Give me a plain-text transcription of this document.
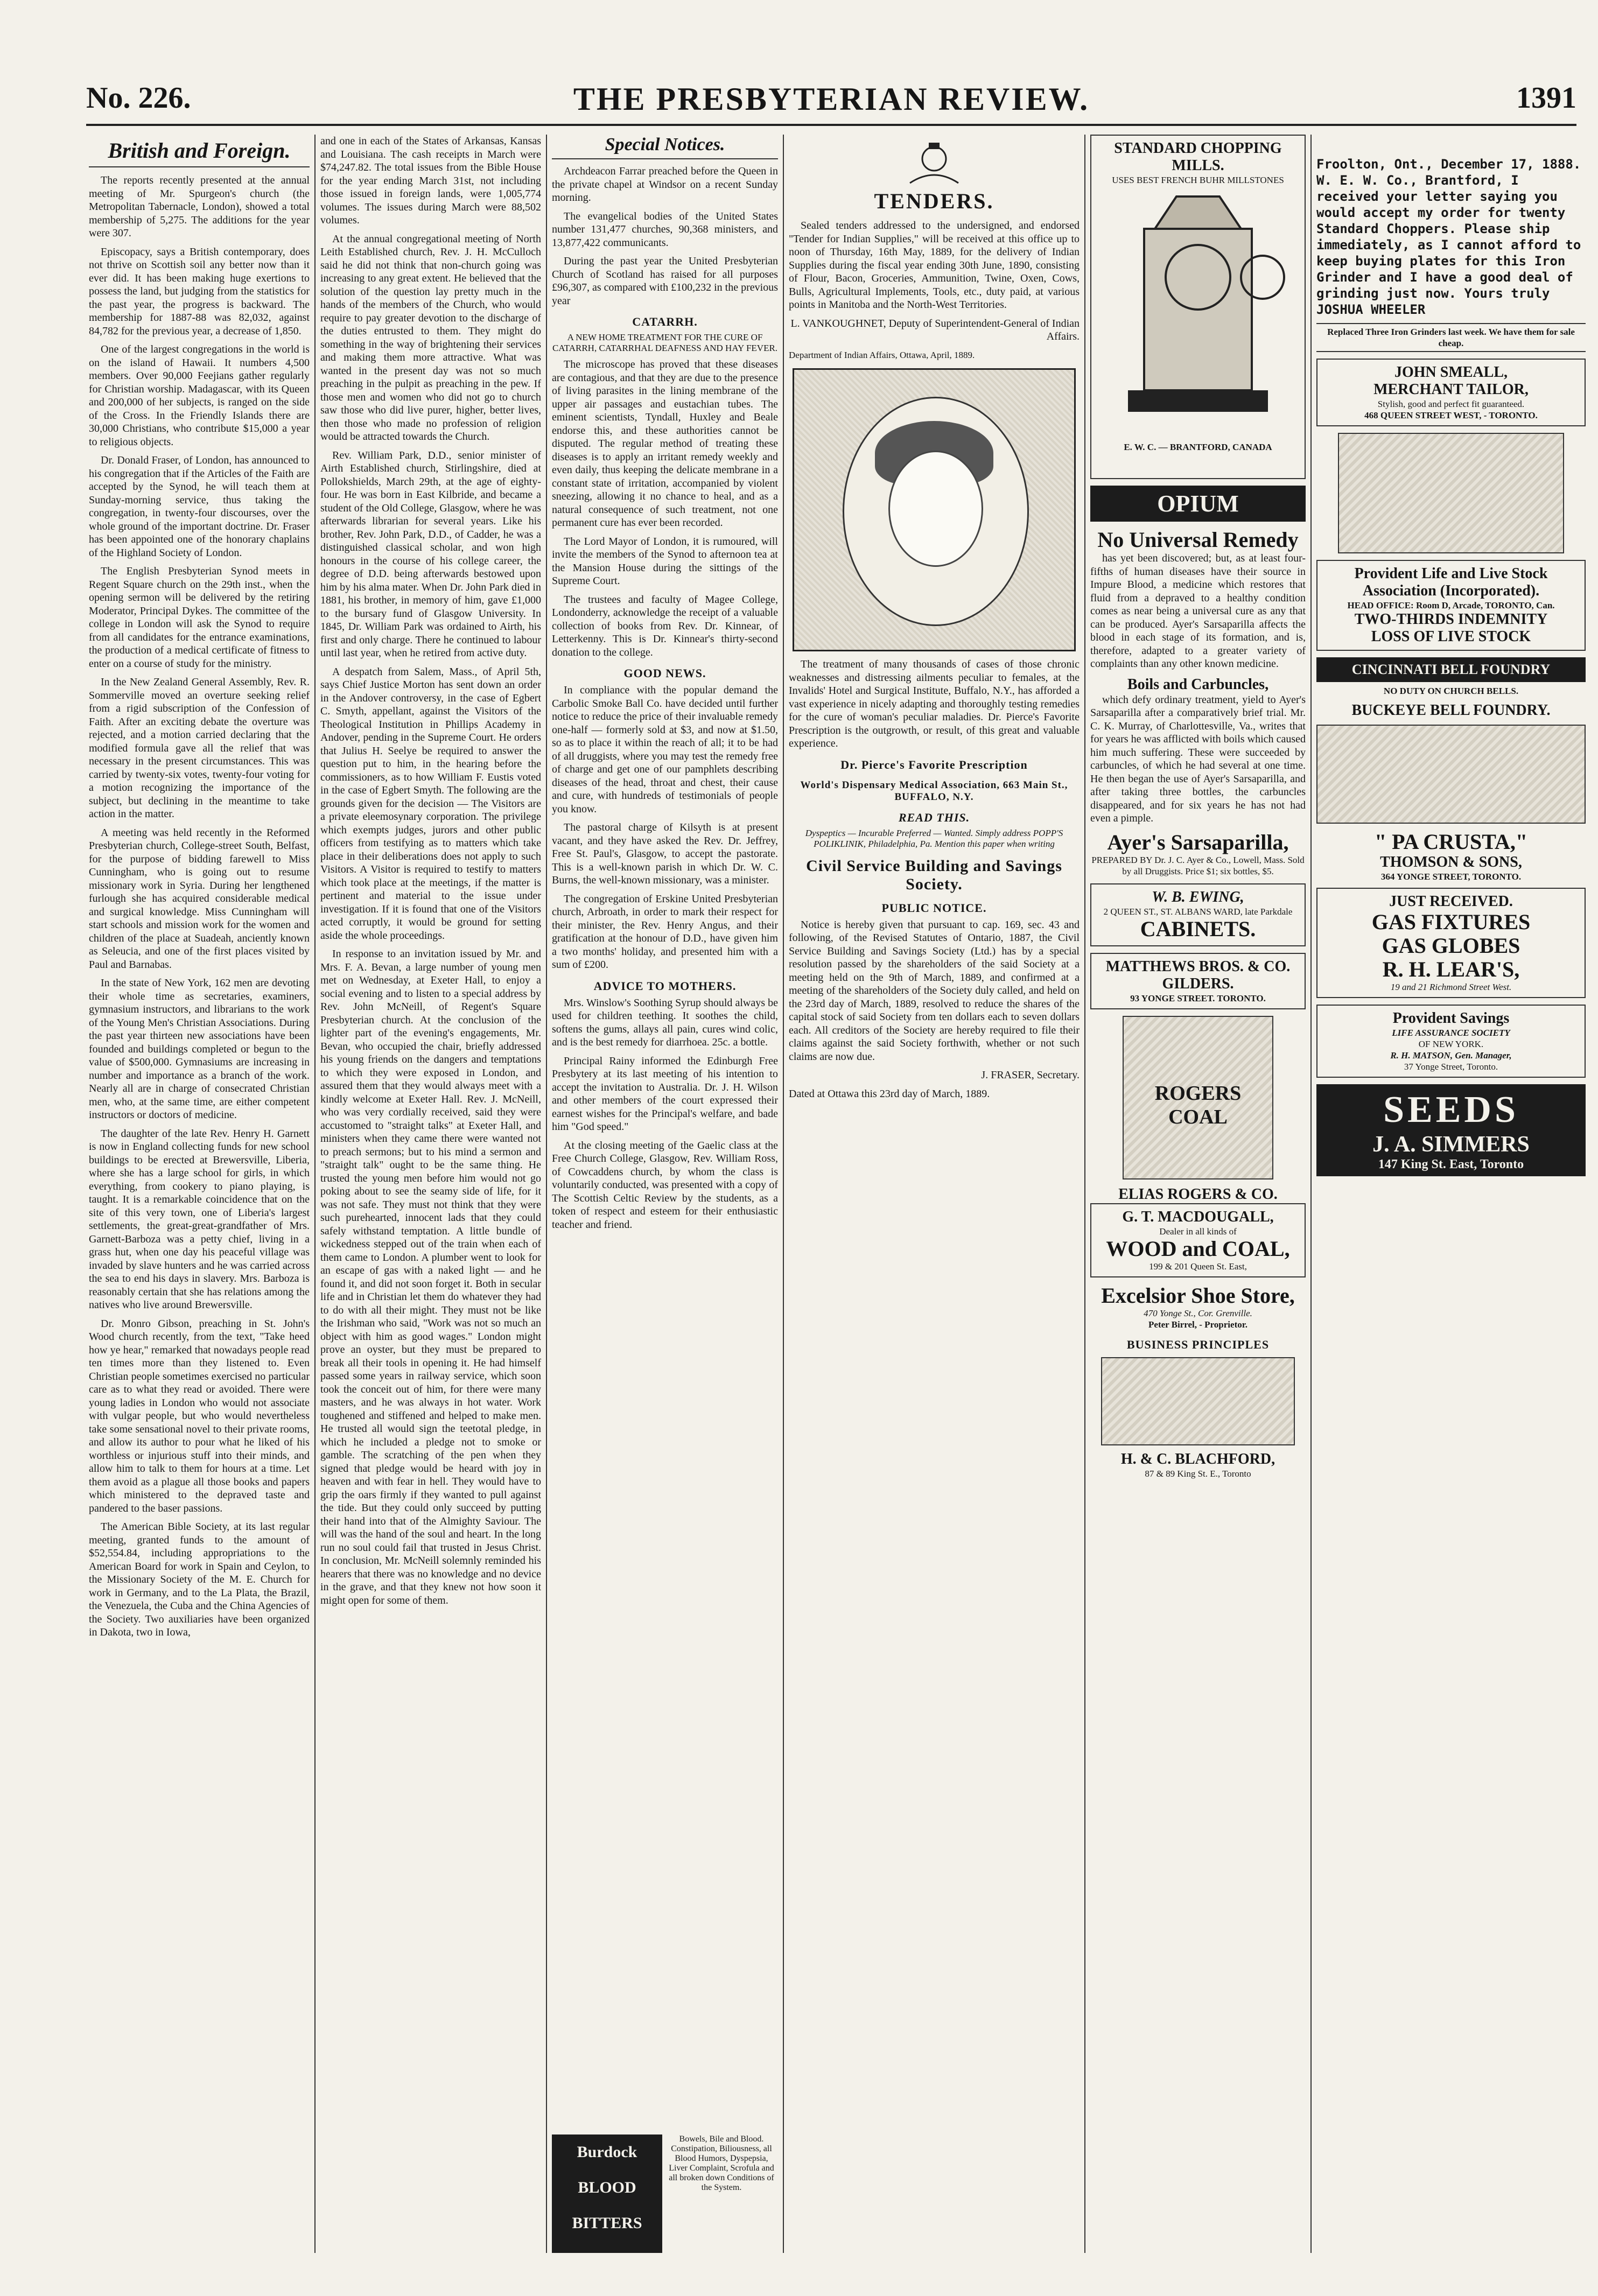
No. 226.	THE PRESBYTERIAN REVIEW.	1391
British and Foreign.

The reports recently presented at the annual meeting of Mr. Spurgeon's church (the Metropolitan Tabernacle, London), showed a total membership of 5,275. The additions for the year were 307.

Episcopacy, says a British contemporary, does not thrive on Scottish soil any better now than it ever did. It has been making huge exertions to possess the land, but judging from the statistics for the past year, the progress is backward. The membership for 1887-88 was 82,032, against 84,782 for the previous year, a decrease of 1,850.

One of the largest congregations in the world is on the island of Hawaii. It numbers 4,500 members. Over 90,000 Feejians gather regularly for Christian worship. Madagascar, with its Queen and 200,000 of her subjects, is ranged on the side of the Cross. In the Friendly Islands there are 30,000 Christians, who contribute $15,000 a year to religious objects.

Dr. Donald Fraser, of London, has announced to his congregation that if the Articles of the Faith are accepted by the Synod, he will teach them at Sunday-morning service, thus taking the congregation, in twenty-four discourses, over the whole ground of the important doctrine. Dr. Fraser has been appointed one of the honorary chaplains of the Highland Society of London.

The English Presbyterian Synod meets in Regent Square church on the 29th inst., when the opening sermon will be delivered by the retiring Moderator, Principal Dykes. The committee of the college in London will ask the Synod to require from all candidates for the entrance examinations, the production of a medical certificate of fitness to enter on a course of study for the ministry.

In the New Zealand General Assembly, Rev. R. Sommerville moved an overture seeking relief from a rigid subscription of the Confession of Faith. After an exciting debate the overture was rejected, and a motion carried declaring that the modified formula gave all the relief that was necessary in the present circumstances. This was carried by twenty-six votes, twenty-four voting for a motion recognizing the importance of the subject, but declining in the meantime to take action in the matter.

A meeting was held recently in the Reformed Presbyterian church, College-street South, Belfast, for the purpose of bidding farewell to Miss Cunningham, who is going out to resume missionary work in Syria. During her lengthened furlough she has acquired considerable medical and surgical knowledge. Miss Cunningham will start schools and mission work for the women and children of the place at Suadeah, anciently known as Seleucia, and one of the first places visited by Paul and Barnabas.

In the state of New York, 162 men are devoting their whole time as secretaries, examiners, gymnasium instructors, and librarians to the work of the Young Men's Christian Associations. During the past year thirteen new associations have been founded and buildings completed or begun to the value of $500,000. Gymnasiums are increasing in number and importance as a branch of the work. Nearly all are in charge of consecrated Christian men, who, at the same time, are either competent instructors or doctors of medicine.

The daughter of the late Rev. Henry H. Garnett is now in England collecting funds for new school buildings to be erected at Brewersville, Liberia, where she has a large school for girls, in which everything, from cookery to piano playing, is taught. It is a remarkable coincidence that on the site of this very town, one of Liberia's largest settlements, the great-great-grandfather of Mrs. Garnett-Barboza was a petty chief, living in a grass hut, when one day his peaceful village was invaded by slave hunters and he was carried across the sea to end his days in slavery. Mrs. Barboza is reasonably certain that she has relations among the natives who live around Brewersville.

Dr. Monro Gibson, preaching in St. John's Wood church recently, from the text, "Take heed how ye hear," remarked that nowadays people read ten times more than they listened to. Even Christian people sometimes exercised no particular care as to what they read or avoided. There were young ladies in London who would not associate with vulgar people, but who would nevertheless take some sensational novel to their private rooms, and allow its author to pour what he liked of his worthless or injurious stuff into their minds, and allow him to talk to them for hours at a time. Let them avoid as a plague all those books and papers which ministered to the depraved taste and pandered to the baser passions.

The American Bible Society, at its last regular meeting, granted funds to the amount of $52,554.84, including appropriations to the American Board for work in Spain and Ceylon, to the Missionary Society of the M. E. Church for work in Germany, and to the La Plata, the Brazil, the Venezuela, the Cuba and the China Agencies of the Society. Two auxiliaries have been organized in Dakota, two in Iowa,

and one in each of the States of Arkansas, Kansas and Louisiana. The cash receipts in March were $74,247.82. The total issues from the Bible House for the year ending March 31st, not including those issued in foreign lands, were 1,005,774 volumes. The issues during March were 88,502 volumes.

At the annual congregational meeting of North Leith Established church, Rev. J. H. McCulloch said he did not think that non-church going was increasing to any great extent. He believed that the solution of the question lay pretty much in the hands of the members of the Church, who would require to pay greater devotion to the discharge of the duties entrusted to them. They might do something in the way of brightening their services and making them more attractive. What was wanted in the present day was not so much preaching in the pulpit as preaching in the pew. If those men and women who did not go to church saw those who did live purer, higher, better lives, then those who made no profession of religion would be attracted towards the Church.

Rev. William Park, D.D., senior minister of Airth Established church, Stirlingshire, died at Pollokshields, March 29th, at the age of eighty-four. He was born in East Kilbride, and became a student of the Old College, Glasgow, where he was afterwards librarian for several years. Like his brother, Rev. John Park, D.D., of Cadder, he was a distinguished classical scholar, and won high honours in the course of his college career, the degree of D.D. being afterwards bestowed upon him by his alma mater. When Dr. John Park died in 1881, his brother, in memory of him, gave £1,000 to the bursary fund of Glasgow University. In 1845, Dr. William Park was ordained to Airth, his first and only charge. There he continued to labour until last year, when he retired from active duty.

A despatch from Salem, Mass., of April 5th, says Chief Justice Morton has sent down an order in the Andover controversy, in the case of Egbert C. Smyth, appellant, against the Visitors of the Theological Institution in Phillips Academy in Andover, pending in the Supreme Court. He orders that Julius H. Seelye be required to answer the question put to him, in the hearing before the commissioners, as to how William F. Eustis voted in the case of Egbert Smyth. The following are the grounds given for the decision — The Visitors are a private eleemosynary corporation. The privilege which exempts judges, jurors and other public officers from testifying as to matters which take place in their deliberations does not apply to such Visitors. A Visitor is required to testify to matters which took place at the meetings, if the matter is pertinent and material to the issue under investigation. If it is found that one of the Visitors acted corruptly, it would be ground for setting aside the whole proceedings.

In response to an invitation issued by Mr. and Mrs. F. A. Bevan, a large number of young men met on Wednesday, at Exeter Hall, to enjoy a social evening and to listen to a special address by Rev. John McNeill, of Regent's Square Presbyterian church. At the conclusion of the lighter part of the evening's engagements, Mr. Bevan, who occupied the chair, briefly addressed his young friends on the dangers and temptations to which they were exposed in London, and assured them that they would always meet with a kindly welcome at Exeter Hall. Rev. J. McNeill, who was very cordially received, said they were accustomed to "straight talks" at Exeter Hall, and ministers when they came there were wanted not to preach sermons; but to his mind a sermon and "straight talk" ought to be the same thing. He trusted the young men before him would not go poking about to see the seamy side of life, for it was not safe. They must not think that they were such purehearted, innocent lads that they could safely withstand temptation. A little bundle of wickedness stepped out of the train when each of them came to London. A plumber went to look for an escape of gas with a naked light — and he found it, and did not soon forget it. Both in secular life and in Christian let them do whatever they had to do with all their might. They must not be like the Irishman who said, "Work was not so much an object with him as good wages." London might prove an oyster, but they must be prepared to break all their tools in opening it. He had himself passed some years in railway service, which soon took the conceit out of him, for there were many masters, and he was always in hot water. Work toughened and stiffened and helped to make men. He trusted all would sign the teetotal pledge, in which he included a pledge not to smoke or gamble. The scratching of the pen when they signed that pledge would be heard with joy in heaven and with fear in hell. They would have to grip the oars firmly if they wanted to pull against the tide. But they could only succeed by putting their hand into that of the Almighty Saviour. The will was the hand of the soul and heart. In the long run no soul could fail that trusted in Jesus Christ. In conclusion, Mr. McNeill solemnly reminded his hearers that there was no knowledge and no device in the grave, and that they knew not how soon it might open for some of them.

Special Notices.

Archdeacon Farrar preached before the Queen in the private chapel at Windsor on a recent Sunday morning.

The evangelical bodies of the United States number 131,477 churches, 90,368 ministers, and 13,877,422 communicants.

During the past year the United Presbyterian Church of Scotland has raised for all purposes £96,307, as compared with £100,232 in the previous year

CATARRH.
A NEW HOME TREATMENT FOR THE CURE OF CATARRH, CATARRHAL DEAFNESS AND HAY FEVER.

The microscope has proved that these diseases are contagious, and that they are due to the presence of living parasites in the lining membrane of the upper air passages and eustachian tubes. The eminent scientists, Tyndall, Huxley and Beale endorse this, and these authorities cannot be disputed. The regular method of treating these diseases is to apply an irritant remedy weekly and even daily, thus keeping the delicate membrane in a constant state of irritation, accompanied by violent sneezing, allowing it no chance to heal, and as a natural consequence of such treatment, not one permanent cure has ever been recorded.

The Lord Mayor of London, it is rumoured, will invite the members of the Synod to afternoon tea at the Mansion House during the sittings of the Supreme Court.

The trustees and faculty of Magee College, Londonderry, acknowledge the receipt of a valuable collection of books from Rev. Dr. Kinnear, of Letterkenny. This is Dr. Kinnear's thirty-second donation to the college.

GOOD NEWS.

In compliance with the popular demand the Carbolic Smoke Ball Co. have decided until further notice to reduce the price of their invaluable remedy one-half — formerly sold at $3, and now at $1.50, so as to place it within the reach of all; it to be had of all druggists, where you may test the remedy free of charge and get one of our pamphlets describing diseases of the head, throat and chest, their cause and cure, with hundreds of testimonials of people you know.

The pastoral charge of Kilsyth is at present vacant, and they have asked the Rev. Dr. Jeffrey, Free St. Paul's, Glasgow, to accept the pastorate. This is a well-known parish in which Dr. W. C. Burns, the well-known missionary, was a minister.

The congregation of Erskine United Presbyterian church, Arbroath, in order to mark their respect for their minister, the Rev. Henry Angus, and their gratification at the honour of D.D., have given him a two months' holiday, and presented him with a sum of £200.

ADVICE TO MOTHERS.

Mrs. Winslow's Soothing Syrup should always be used for children teething. It soothes the child, softens the gums, allays all pain, cures wind colic, and is the best remedy for diarrhoea. 25c. a bottle.

Principal Rainy informed the Edinburgh Free Presbytery at its last meeting of his intention to accept the invitation to Australia. Dr. J. H. Wilson and other members of the court expressed their earnest wishes for the Principal's welfare, and bade him "God speed."

At the closing meeting of the Gaelic class at the Free Church College, Glasgow, Rev. William Ross, of Cowcaddens church, by whom the class is voluntarily conducted, was presented with a copy of The Scottish Celtic Review by the students, as a token of respect and esteem for their enthusiastic teacher and friend.

Burdock
BLOOD
BITTERS
Bowels, Bile and Blood. Constipation, Biliousness, all Blood Humors, Dyspepsia, Liver Complaint, Scrofula and all broken down Conditions of the System.
TENDERS.

Sealed tenders addressed to the undersigned, and endorsed "Tender for Indian Supplies," will be received at this office up to noon of Thursday, 16th May, 1889, for the delivery of Indian Supplies during the fiscal year ending 30th June, 1890, consisting of Flour, Bacon, Groceries, Ammunition, Twine, Oxen, Cows, Bulls, Agricultural Implements, Tools, etc., duty paid, at various points in Manitoba and the North-West Territories.

L. VANKOUGHNET, Deputy of Superintendent-General of Indian Affairs.

Department of Indian Affairs, Ottawa, April, 1889.

The treatment of many thousands of cases of those chronic weaknesses and distressing ailments peculiar to females, at the Invalids' Hotel and Surgical Institute, Buffalo, N.Y., has afforded a vast experience in nicely adapting and thoroughly testing remedies for the cure of woman's peculiar maladies. Dr. Pierce's Favorite Prescription is the outgrowth, or result, of this great and valuable experience.

Dr. Pierce's Favorite Prescription
World's Dispensary Medical Association, 663 Main St., BUFFALO, N.Y.
READ THIS.
Dyspeptics — Incurable Preferred — Wanted. Simply address POPP'S POLIKLINIK, Philadelphia, Pa. Mention this paper when writing
Civil Service Building and Savings Society.
PUBLIC NOTICE.

Notice is hereby given that pursuant to cap. 169, sec. 43 and following, of the Revised Statutes of Ontario, 1887, the Civil Service Building and Savings Society (Ltd.) has by a special resolution passed by the shareholders of the said Society at a meeting held on the 9th of March, 1889, and confirmed at a meeting of the shareholders of the Society duly called, and held on the 23rd day of March, 1889, resolved to reduce the shares of the capital stock of said Society from ten dollars each to seven dollars each. All creditors of the Society are hereby required to file their claims against the said Society forthwith, whether or not such claims are now due.

J. FRASER, Secretary.

Dated at Ottawa this 23rd day of March, 1889.

STANDARD CHOPPING MILLS.
USES BEST FRENCH BUHR MILLSTONES
E. W. C. — BRANTFORD, CANADA
OPIUM
No Universal Remedy

has yet been discovered; but, as at least four-fifths of human diseases have their source in Impure Blood, a medicine which restores that fluid from a depraved to a healthy condition comes as near being a universal cure as any that can be produced. Ayer's Sarsaparilla affects the blood in each stage of its formation, and is, therefore, adapted to a greater variety of complaints than any other known medicine.

Boils and Carbuncles,

which defy ordinary treatment, yield to Ayer's Sarsaparilla after a comparatively brief trial. Mr. C. K. Murray, of Charlottesville, Va., writes that for years he was afflicted with boils which caused him much suffering. These were succeeded by carbuncles, of which he had several at one time. He then began the use of Ayer's Sarsaparilla, and after taking three bottles, the carbuncles disappeared, and for six years he has not had even a pimple.

Ayer's Sarsaparilla,
PREPARED BY Dr. J. C. Ayer & Co., Lowell, Mass. Sold by all Druggists. Price $1; six bottles, $5.
W. B. EWING,
2 QUEEN ST., ST. ALBANS WARD, late Parkdale
CABINETS.
MATTHEWS BROS. & CO.
GILDERS.
93 YONGE STREET. TORONTO.
ROGERS COAL
ELIAS ROGERS & CO.
G. T. MACDOUGALL,
Dealer in all kinds of
WOOD and COAL,
199 & 201 Queen St. East,
Excelsior Shoe Store,
470 Yonge St., Cor. Grenville.
Peter Birrel, - Proprietor.
BUSINESS PRINCIPLES
H. & C. BLACHFORD,
87 & 89 King St. E., Toronto
Froolton, Ont., December 17, 1888. W. E. W. Co., Brantford, I received your letter saying you would accept my order for twenty Standard Choppers. Please ship immediately, as I cannot afford to keep buying plates for this Iron Grinder and I have a good deal of grinding just now. Yours truly JOSHUA WHEELER
Replaced Three Iron Grinders last week. We have them for sale cheap.
JOHN SMEALL,
MERCHANT TAILOR,
Stylish, good and perfect fit guaranteed.
468 QUEEN STREET WEST, - TORONTO.
Provident Life and Live Stock Association (Incorporated).
HEAD OFFICE: Room D, Arcade, TORONTO, Can.
TWO-THIRDS INDEMNITY
LOSS OF LIVE STOCK
CINCINNATI BELL FOUNDRY
NO DUTY ON CHURCH BELLS.
BUCKEYE BELL FOUNDRY.
" PA CRUSTA,"
THOMSON & SONS,
364 YONGE STREET, TORONTO.
JUST RECEIVED.
GAS FIXTURES
GAS GLOBES
R. H. LEAR'S,
19 and 21 Richmond Street West.
Provident Savings
LIFE ASSURANCE SOCIETY
OF NEW YORK.
R. H. MATSON, Gen. Manager,
37 Yonge Street, Toronto.
SEEDS
J. A. SIMMERS
147 King St. East, Toronto
